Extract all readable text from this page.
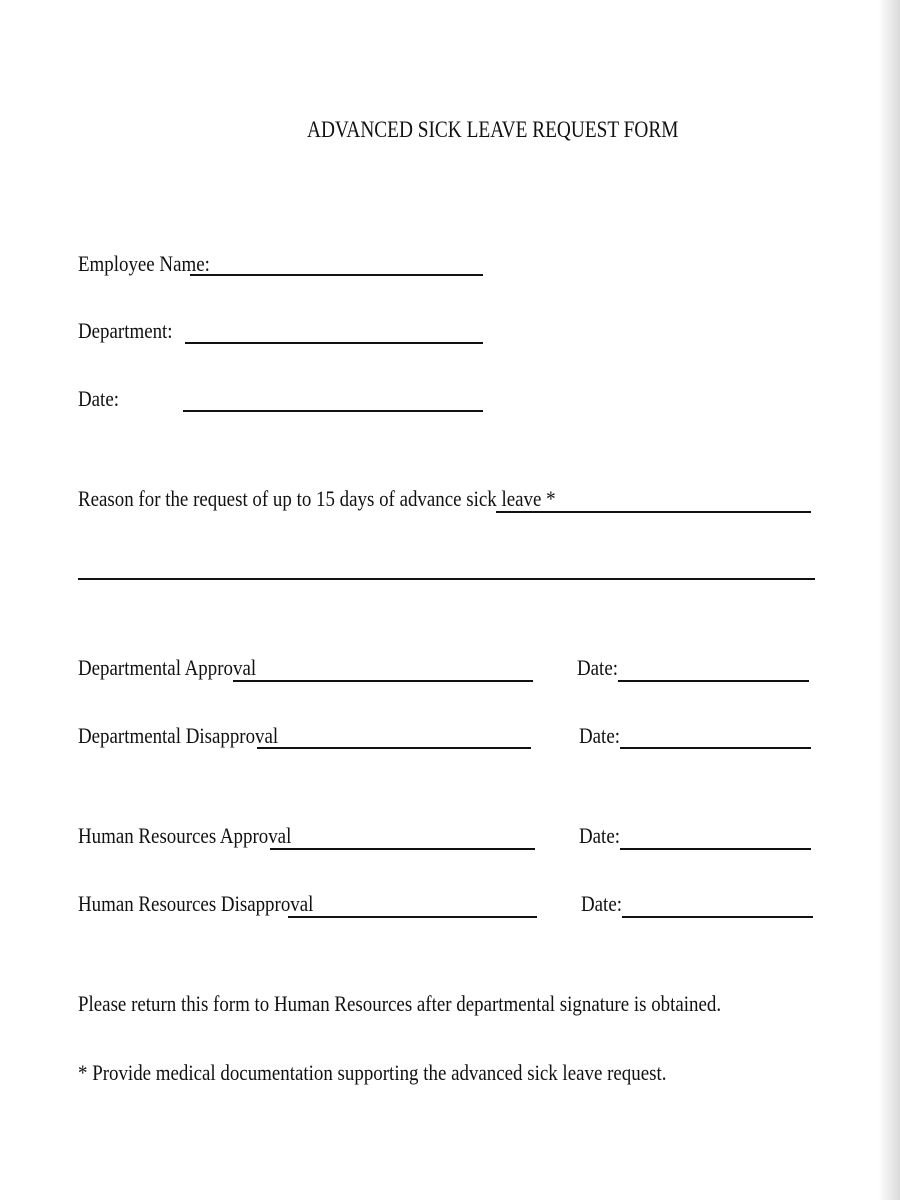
ADVANCED SICK LEAVE REQUEST FORM
Employee Name:
Department:
Date:
Reason for the request of up to 15 days of advance sick leave *
Departmental Approval	Date:
Departmental Disapproval	Date:
Human Resources Approval	Date:
Human Resources Disapproval	Date:
Please return this form to Human Resources after departmental signature is obtained.
* Provide medical documentation supporting the advanced sick leave request.
